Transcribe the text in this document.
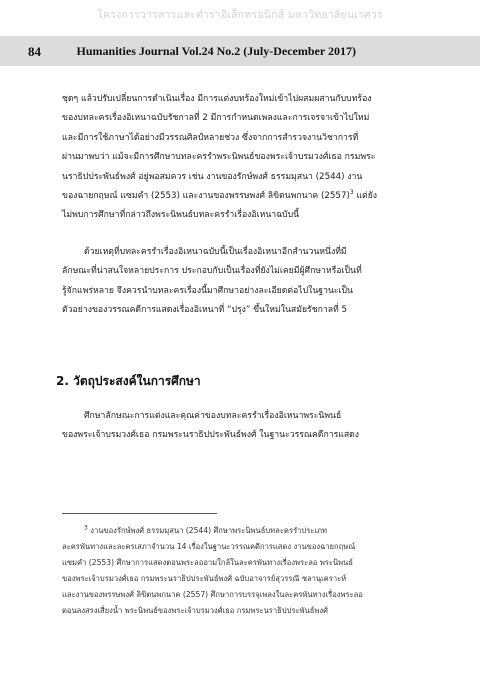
โครงการวารสารและตำราอิเล็กทรอนิกส์ มหาวิทยาลัยนเรศวร
84	Humanities Journal Vol.24 No.2 (July-December 2017)
ชุดๆ แล้วปรับเปลี่ยนการดำเนินเรื่อง มีการแต่งบทร้องใหม่เข้าไปผสมผสานกับบทร้อง
ของบทละครเรื่องอิเหนาฉบับรัชกาลที่ 2 มีการกำหนดเพลงและการเจรจาเข้าไปใหม่
และมีการใช้ภาษาได้อย่างมีวรรณศิลป์หลายช่วง ซึ่งจากการสำรวจงานวิชาการที่
ผ่านมาพบว่า แม้จะมีการศึกษาบทละครรำพระนิพนธ์ของพระเจ้าบรมวงศ์เธอ กรมพระ
นราธิปประพันธ์พงศ์ อยู่พอสมควร เช่น งานของรักษ์พงศ์ ธรรมมุสนา (2544) งาน
ของฉายกฤษณ์ แซมคำ (2553) และงานของพรรษพงศ์ ลิขิตนพกนาค $(2557)^3$ แต่ยัง
ไม่พบการศึกษาที่กล่าวถึงพระนิพนธ์บทละครรำเรื่องอิเหนาฉบับนี้
ด้วยเหตุที่บทละครรำเรื่องอิเหนาฉบับนี้เป็นเรื่องอิเหนาอีกสำนวนหนึ่งที่มี
ลักษณะที่น่าสนใจหลายประการ ประกอบกับเป็นเรื่องที่ยังไม่เคยมีผู้ศึกษาหรือเป็นที่
รู้จักแพร่หลาย จึงควรนำบทละครเรื่องนี้มาศึกษาอย่างละเอียดต่อไปในฐานะเป็น
ตัวอย่างของวรรณคดีการแสดงเรื่องอิเหนาที่ “ปรุง” ขึ้นใหม่ในสมัยรัชกาลที่ 5
2. วัตถุประสงค์ในการศึกษา
ศึกษาลักษณะการแต่งและคุณค่าของบทละครรำเรื่องอิเหนาพระนิพนธ์
ของพระเจ้าบรมวงศ์เธอ กรมพระนราธิปประพันธ์พงศ์ ในฐานะวรรณคดีการแสดง
$^3$ งานของรักษ์พงศ์ ธรรมมุสนา (2544) ศึกษาพระนิพนธ์บทละครรำประเภท
ละครพันทางและละครเสภาจำนวน 14 เรื่องในฐานะวรรณคดีการแสดง งานของฉายกฤษณ์
แซมคำ (2553) ศึกษาการแสดงตอนพระลออามใกล้ในละครพันทางเรื่องพระลอ พระนิพนธ์
ของพระเจ้าบรมวงศ์เธอ กรมพระนราธิปประพันธ์พงศ์ ฉบับอาจารย์สุวรรณี ชลานุเคราะห์
และงานของพรรษพงศ์ ลิขิตนพกนาค (2557) ศึกษาการบรรจุเพลงในละครพันทางเรื่องพระลอ
ตอนลงสรงเสี่ยงน้ำ พระนิพนธ์ของพระเจ้าบรมวงศ์เธอ กรมพระนราธิปประพันธ์พงศ์
